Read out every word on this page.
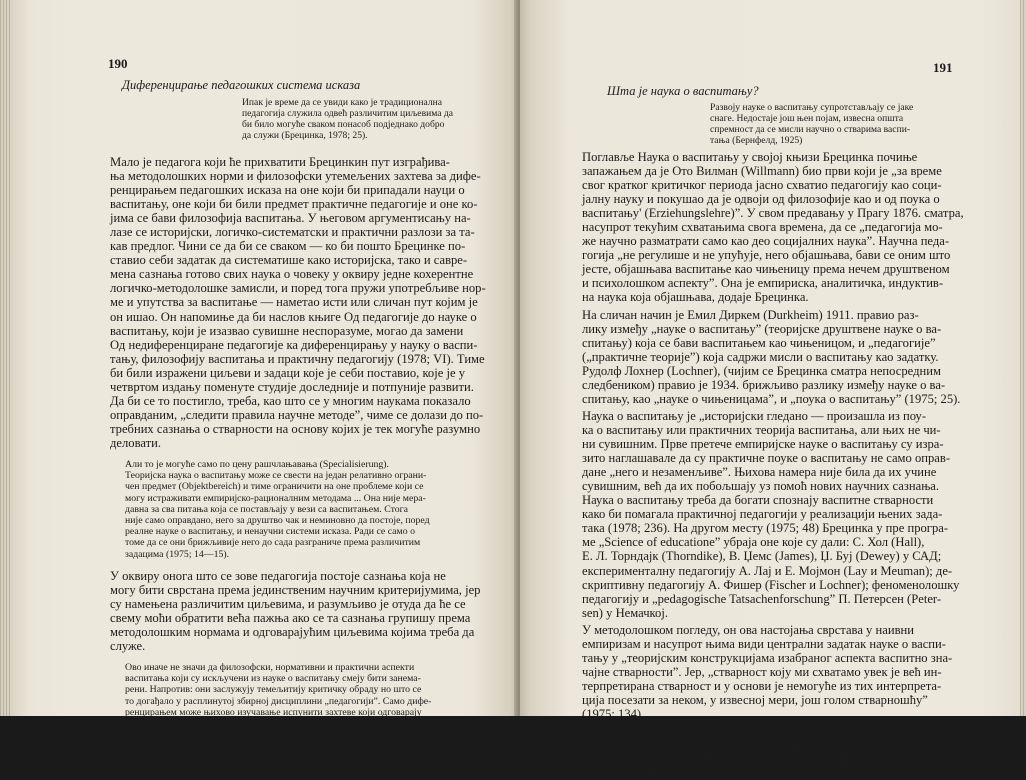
190
Диференцирање педагошких система исказа
Ипак је време да се увиди како је традиционална
педагогија служила одвећ различитим циљевима да
би било могуће сваком понасоб подједнако добро
да служи (Брецинка, 1978; 25).
Мало је педагога који ће прихватити Брецинкин пут изграђива-
ња методолошких норми и филозофски утемељених захтева за дифе-
ренцирањем педагошких исказа на оне који би припадали науци о
васпитању, оне који би били предмет практичне педагогије и оне ко-
јима се бави филозофија васпитања. У његовом аргументисању на-
лазе се историјски, логичко-систематски и практични разлози за та-
кав предлог. Чини се да би се сваком — ко би пошто Брецинке по-
ставио себи задатак да систематише како историјска, тако и савре-
мена сазнања готово свих наука о човеку у оквиру једне кохерентне
логичко-методолошке замисли, и поред тога пружи употребљиве нор-
ме и упутства за васпитање — наметао исти или сличан пут којим је
он ишао. Он напомиње да би наслов књиге Од педагогије до науке о
васпитању, који је изазвао сувишне неспоразуме, могао да замени
Од недиференциране педагогије ка диференцирању у науку о васпи-
тању, филозофију васпитања и практичну педагогију (1978; VI). Тиме
би били изражени циљеви и задаци које је себи поставио, које је у
четвртом издању поменуте студије доследније и потпуније развити.
Да би се то постигло, треба, као што се у многим наукама показало
оправданим, „следити правила научне методе”, чиме се долази до по-
требних сазнања о стварности на основу којих је тек могуће разумно
деловати.
Али то је могуће само по цену рашчлањавања (Specialisierung).
Теоријска наука о васпитању може се свести на један релативно ограни-
чен предмет (Objektbereich) и тиме ограничити на оне проблеме који се
могу истраживати емпиријско-рационалним методама ... Она није мера-
давна за сва питања која се постављају у вези са васпитањем. Стога
није само оправдано, него за друштво чак и неминовно да постоје, поред
реалне науке о васпитању, и ненаучни системи исказа. Ради се само о
томе да се они брижљивије него до сада разграниче према различитим
задацима (1975; 14—15).
У оквиру онога што се зове педагогија постоје сазнања која не
могу бити сврстана према јединственим научним критеријумима, јер
су намењена различитим циљевима, и разумљиво је отуда да ће се
свему моћи обратити већа пажња ако се та сазнања групишу према
методолошким нормама и одговарајућим циљевима којима треба да
служе.
Ово иначе не значи да филозофски, нормативни и практични аспекти
васпитања који су искључени из науке о васпитању смеју бити занема-
рени. Напротив: они заслужују темељитију критичку обраду но што се
то догађало у расплинутој збирној дисциплини „педагогији”. Само дифе-
ренцирањем може њихово изучавање испунити захтеве који одговарају
њиховом значају (1975; 15).
191
Шта је наука о васпитању?
Развоју науке о васпитању супротстављају се јаке
снаге. Недостаје још њен појам, извесна општа
спремност да се мисли научно о стварима васпи-
тања (Бернфелд, 1925)
Поглавље Наука о васпитању у својој књизи Брецинка почиње
запажањем да је Ото Вилман (Willmann) био први који је „за време
свог кратког критичког периода јасно схватио педагогију као соци-
јалну науку и покушао да је одвоји од филозофије као и од поука о
васпитању' (Erziehungslehre)”. У свом предавању у Прагу 1876. сматра,
насупрот текућим схватањима свога времена, да се „педагогија мо-
же научно разматрати само као део социјалних наука”. Научна педа-
гогија „не регулише и не упућује, него објашњава, бави се оним што
јесте, објашњава васпитање као чињеницу према нечем друштвеном
и психолошком аспекту”. Она је емпириска, аналитичка, индуктив-
на наука која објашњава, додаје Брецинка.
На сличан начин је Емил Диркем (Durkheim) 1911. правио раз-
лику између „науке о васпитању” (теоријске друштвене науке о ва-
спитању) која се бави васпитањем као чињеницом, и „педагогије”
(„практичне теорије”) која садржи мисли о васпитању као задатку.
Рудолф Лохнер (Lochner), (чијим се Брецинка сматра непосредним
следбеником) правио је 1934. брижљиво разлику између науке о ва-
спитању, као „науке о чињеницама”, и „поука о васпитању” (1975; 25).
Наука о васпитању је „историјски гледано — произашла из поу-
ка о васпитању или практичних теорија васпитања, али њих не чи-
ни сувишним. Прве претече емпиријске науке о васпитању су изра-
зито наглашавале да су практичне поуке о васпитању не само оправ-
дане „него и незаменљиве”. Њихова намера није била да их учине
сувишним, већ да их побољшају уз помоћ нових научних сазнања.
Наука о васпитању треба да богати спознају васпитне стварности
како би помагала практичној педагогији у реализацији њених зада-
така (1978; 236). На другом месту (1975; 48) Брецинка у пре програ-
ме „Science of educatione” убраја оне које су дали: С. Хол (Hall),
Е. Л. Торндајк (Thorndike), В. Џемс (James), Џ. Буј (Dewey) у САД;
експерименталну педагогију А. Лај и Е. Мојмон (Lay и Meuman); де-
скриптивну педагогију А. Фишер (Fischer и Lochner); феноменолошку
педагогију и „pedagogische Tatsachenforschung” П. Петерсен (Peter-
sen) у Немачкој.
У методолошком погледу, он ова настојања сврстава у наивни
емпиризам и насупрот њима види централни задатак науке о васпи-
тању у „теоријским конструкцијама изабраног аспекта васпитно зна-
чајне стварности”. Јер, „стварност коју ми схватамо увек је већ ин-
терпретирана стварност и у основи је немогуће из тих интерпрета-
ција посезати за неком, у извесној мери, још голом стварношћу”
(1975; 134).
Реч „наука” примењује се у различитим значењима. Познато
је да се науке разликују према проблемима које покушавају да реше
(предмету) и одговарајућим специјалним поступцима и методима ко-
је притом примењују.
